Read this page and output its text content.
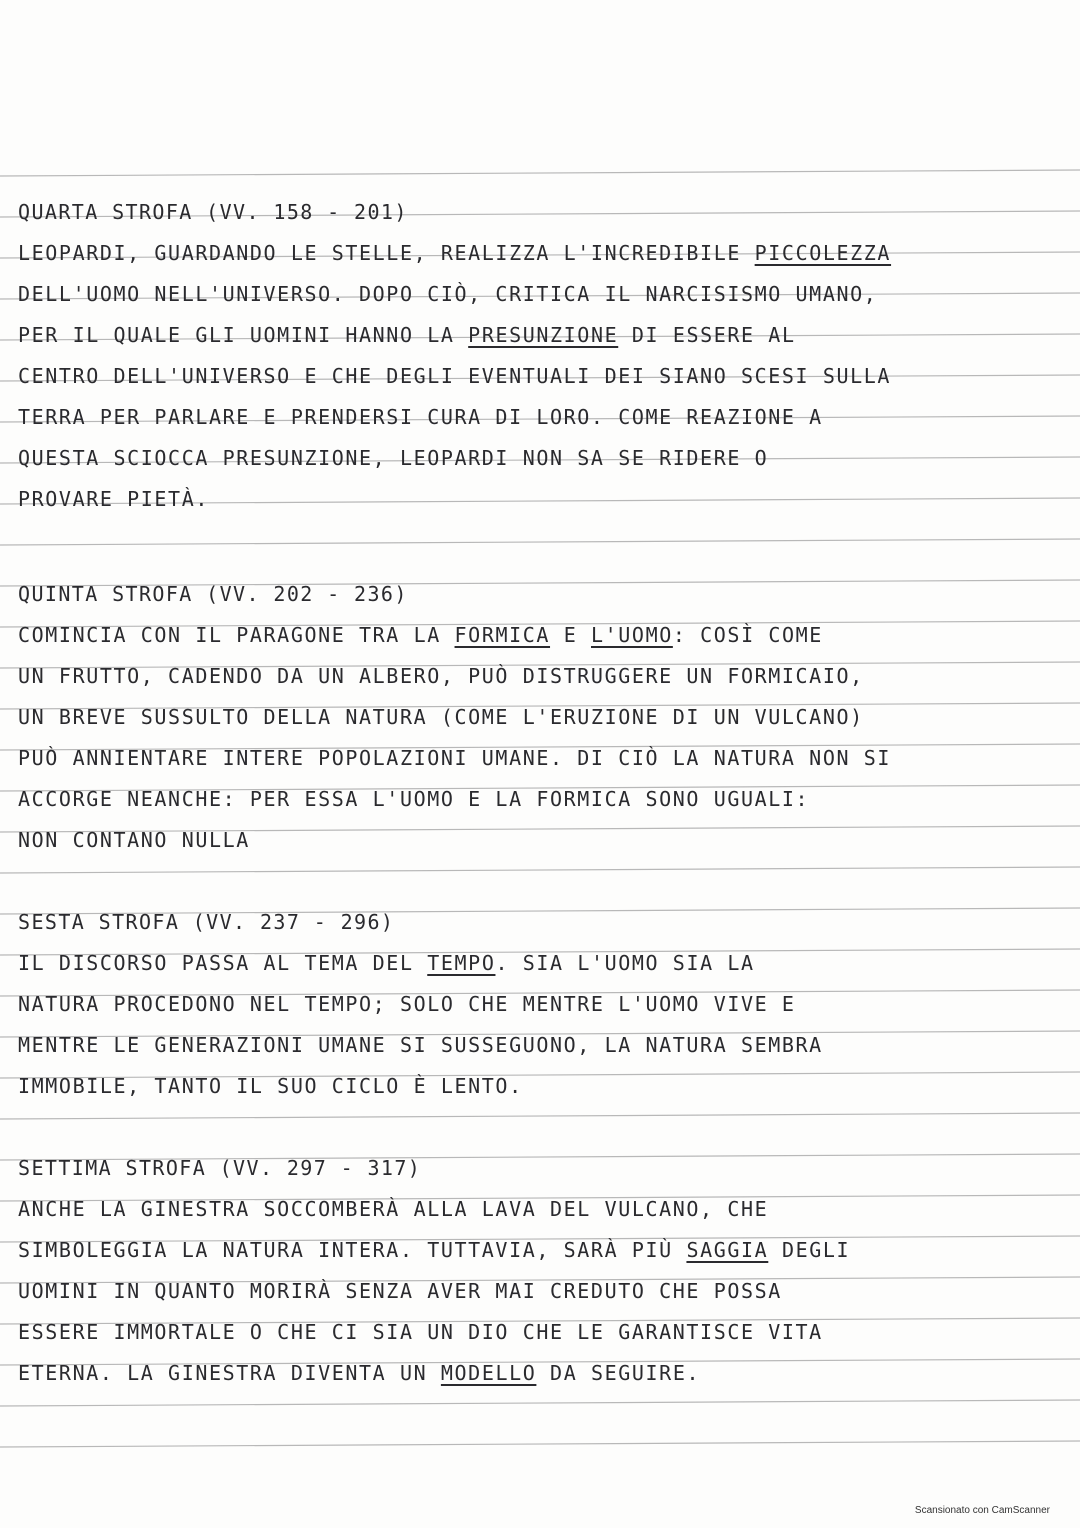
QUARTA STROFA (VV. 158 - 201)
LEOPARDI, GUARDANDO LE STELLE, REALIZZA L'INCREDIBILE PICCOLEZZA
DELL'UOMO NELL'UNIVERSO. DOPO CIÒ, CRITICA IL NARCISISMO UMANO,
PER IL QUALE GLI UOMINI HANNO LA PRESUNZIONE DI ESSERE AL
CENTRO DELL'UNIVERSO E CHE DEGLI EVENTUALI DEI SIANO SCESI SULLA
TERRA PER PARLARE E PRENDERSI CURA DI LORO. COME REAZIONE A
QUESTA SCIOCCA PRESUNZIONE, LEOPARDI NON SA SE RIDERE O
PROVARE PIETÀ.
QUINTA STROFA (VV. 202 - 236)
COMINCIA CON IL PARAGONE TRA LA FORMICA E L'UOMO: COSÌ COME
UN FRUTTO, CADENDO DA UN ALBERO, PUÒ DISTRUGGERE UN FORMICAIO,
UN BREVE SUSSULTO DELLA NATURA (COME L'ERUZIONE DI UN VULCANO)
PUÒ ANNIENTARE INTERE POPOLAZIONI UMANE. DI CIÒ LA NATURA NON SI
ACCORGE NEANCHE: PER ESSA L'UOMO E LA FORMICA SONO UGUALI:
NON CONTANO NULLA
SESTA STROFA (VV. 237 - 296)
IL DISCORSO PASSA AL TEMA DEL TEMPO. SIA L'UOMO SIA LA
NATURA PROCEDONO NEL TEMPO; SOLO CHE MENTRE L'UOMO VIVE E
MENTRE LE GENERAZIONI UMANE SI SUSSEGUONO, LA NATURA SEMBRA
IMMOBILE, TANTO IL SUO CICLO È LENTO.
SETTIMA STROFA (VV. 297 - 317)
ANCHE LA GINESTRA SOCCOMBERÀ ALLA LAVA DEL VULCANO, CHE
SIMBOLEGGIA LA NATURA INTERA. TUTTAVIA, SARÀ PIÙ SAGGIA DEGLI
UOMINI IN QUANTO MORIRÀ SENZA AVER MAI CREDUTO CHE POSSA
ESSERE IMMORTALE O CHE CI SIA UN DIO CHE LE GARANTISCE VITA
ETERNA. LA GINESTRA DIVENTA UN MODELLO DA SEGUIRE.
Scansionato con CamScanner
